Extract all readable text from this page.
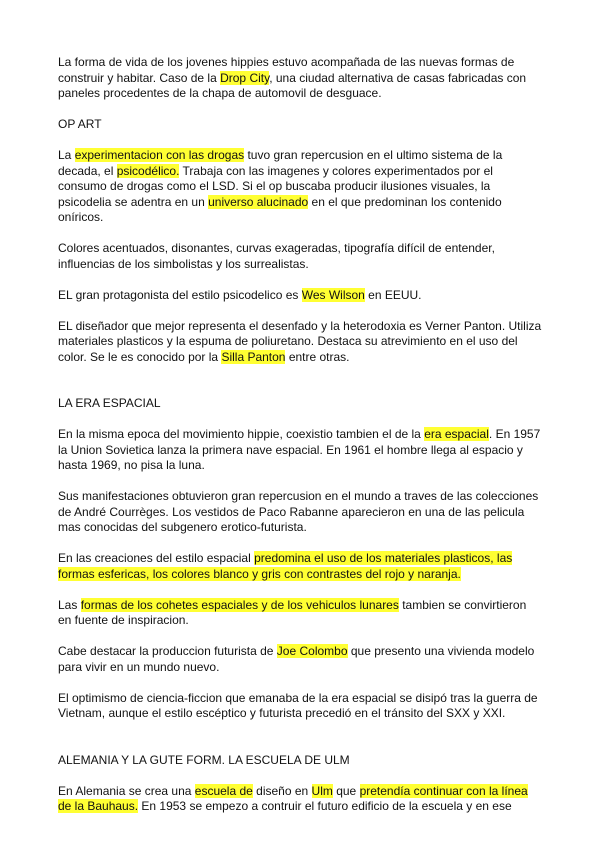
La forma de vida de los jovenes hippies estuvo acompañada de las nuevas formas de construir y habitar. Caso de la Drop City, una ciudad alternativa de casas fabricadas con paneles procedentes de la chapa de automovil de desguace.

OP ART

La experimentacion con las drogas tuvo gran repercusion en el ultimo sistema de la decada, el psicodélico. Trabaja con las imagenes y colores experimentados por el consumo de drogas como el LSD. Si el op buscaba producir ilusiones visuales, la psicodelia se adentra en un universo alucinado en el que predominan los contenido oníricos.

Colores acentuados, disonantes, curvas exageradas, tipografía difícil de entender, influencias de los simbolistas y los surrealistas.

EL gran protagonista del estilo psicodelico es Wes Wilson en EEUU.

EL diseñador que mejor representa el desenfado y la heterodoxia es Verner Panton. Utiliza materiales plasticos y la espuma de poliuretano. Destaca su atrevimiento en el uso del color. Se le es conocido por la Silla Panton entre otras.

LA ERA ESPACIAL

En la misma epoca del movimiento hippie, coexistio tambien el de la era espacial. En 1957 la Union Sovietica lanza la primera nave espacial. En 1961 el hombre llega al espacio y hasta 1969, no pisa la luna.

Sus manifestaciones obtuvieron gran repercusion en el mundo a traves de las colecciones de André Courrèges. Los vestidos de Paco Rabanne aparecieron en una de las pelicula mas conocidas del subgenero erotico-futurista.

En las creaciones del estilo espacial predomina el uso de los materiales plasticos, las formas esfericas, los colores blanco y gris con contrastes del rojo y naranja.

Las formas de los cohetes espaciales y de los vehiculos lunares tambien se convirtieron en fuente de inspiracion.

Cabe destacar la produccion futurista de Joe Colombo que presento una vivienda modelo para vivir en un mundo nuevo.

El optimismo de ciencia-ficcion que emanaba de la era espacial se disipó tras la guerra de Vietnam, aunque el estilo escéptico y futurista precedió en el tránsito del SXX y XXI.

ALEMANIA Y LA GUTE FORM. LA ESCUELA DE ULM

En Alemania se crea una escuela de diseño en Ulm que pretendía continuar con la línea de la Bauhaus. En 1953 se empezo a contruir el futuro edificio de la escuela y en ese
